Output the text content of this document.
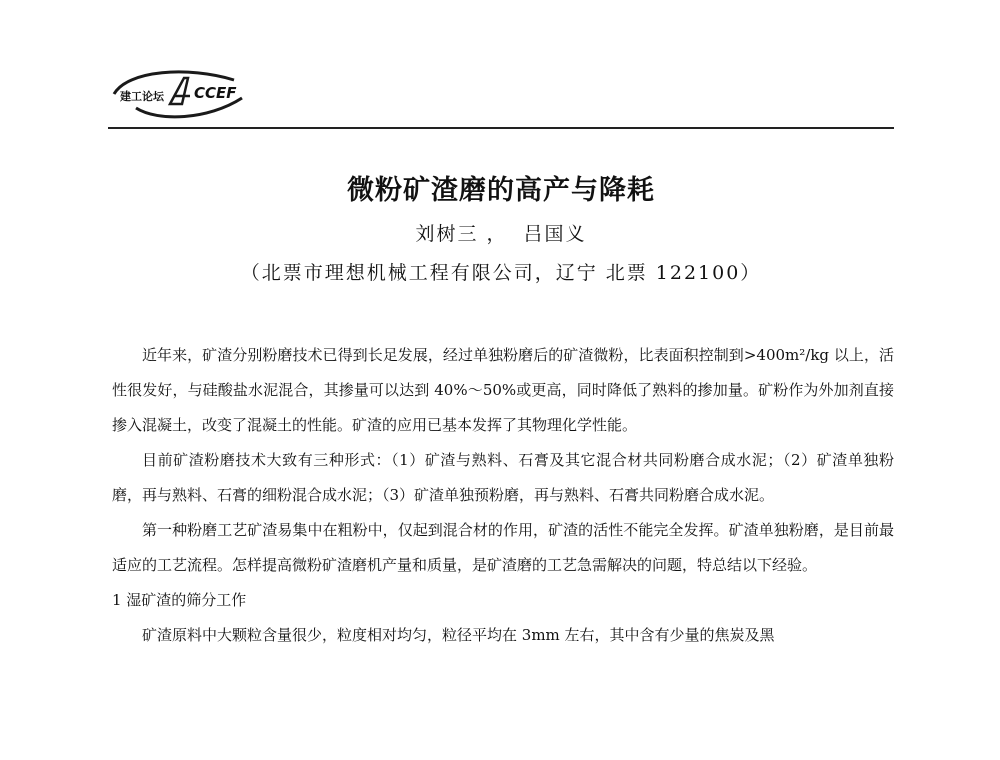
建工论坛 CCEF
微粉矿渣磨的高产与降耗
刘树三 ，  吕国义
（北票市理想机械工程有限公司，辽宁 北票 122100）

近年来，矿渣分别粉磨技术已得到长足发展，经过单独粉磨后的矿渣微粉，比表面积控制到>400m²/kg 以上，活性很发好，与硅酸盐水泥混合，其掺量可以达到 40%～50%或更高，同时降低了熟料的掺加量。矿粉作为外加剂直接掺入混凝土，改变了混凝土的性能。矿渣的应用已基本发挥了其物理化学性能。

目前矿渣粉磨技术大致有三种形式：（1）矿渣与熟料、石膏及其它混合材共同粉磨合成水泥；（2）矿渣单独粉磨，再与熟料、石膏的细粉混合成水泥；（3）矿渣单独预粉磨，再与熟料、石膏共同粉磨合成水泥。

第一种粉磨工艺矿渣易集中在粗粉中，仅起到混合材的作用，矿渣的活性不能完全发挥。矿渣单独粉磨，是目前最适应的工艺流程。怎样提高微粉矿渣磨机产量和质量，是矿渣磨的工艺急需解决的问题，特总结以下经验。

1 湿矿渣的筛分工作

矿渣原料中大颗粒含量很少，粒度相对均匀，粒径平均在 3mm 左右，其中含有少量的焦炭及黑
